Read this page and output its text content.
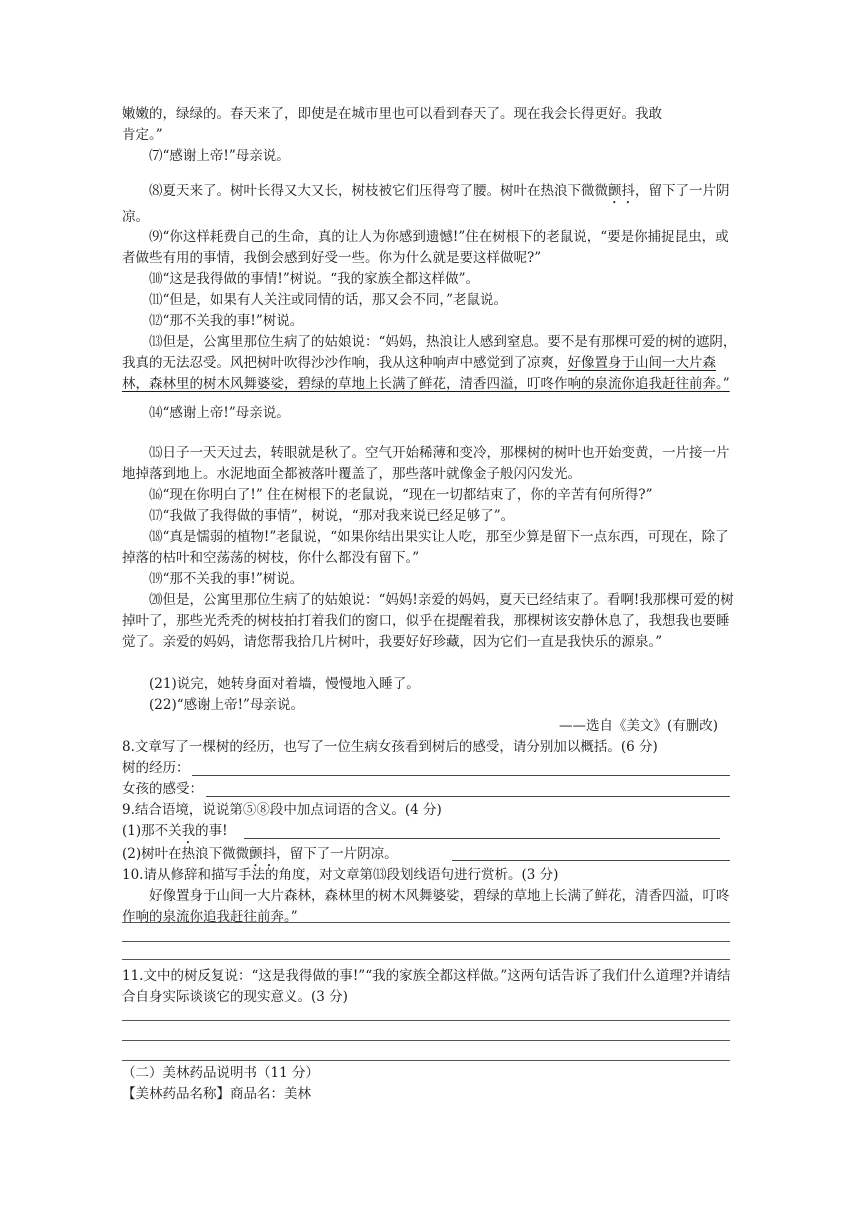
嫩嫩的，绿绿的。春天来了，即使是在城市里也可以看到春天了。现在我会长得更好。我敢

肯定。”

⑺“感谢上帝!”母亲说。

⑻夏天来了。树叶长得又大又长，树枝被它们压得弯了腰。树叶在热浪下微微颤抖，留下了一片阴凉。

⑼“你这样耗费自己的生命，真的让人为你感到遗憾!”住在树根下的老鼠说，“要是你捕捉昆虫，或者做些有用的事情，我倒会感到好受一些。你为什么就是要这样做呢?”

⑽“这是我得做的事情!”树说。“我的家族全都这样做”。

⑾“但是，如果有人关注或同情的话，那又会不同，”老鼠说。

⑿“那不关我的事!”树说。

⒀但是，公寓里那位生病了的姑娘说：“妈妈，热浪让人感到窒息。要不是有那棵可爱的树的遮阴，我真的无法忍受。风把树叶吹得沙沙作响，我从这种响声中感觉到了凉爽，好像置身于山间一大片森林，森林里的树木风舞婆娑，碧绿的草地上长满了鲜花，清香四溢，叮咚作响的泉流你追我赶往前奔。”

⒁“感谢上帝!”母亲说。

⒂日子一天天过去，转眼就是秋了。空气开始稀薄和变冷，那棵树的树叶也开始变黄，一片接一片地掉落到地上。水泥地面全都被落叶覆盖了，那些落叶就像金子般闪闪发光。

⒃“现在你明白了!” 住在树根下的老鼠说，“现在一切都结束了，你的辛苦有何所得?”

⒄“我做了我得做的事情”，树说，“那对我来说已经足够了”。

⒅“真是懦弱的植物!”老鼠说，“如果你结出果实让人吃，那至少算是留下一点东西，可现在，除了掉落的枯叶和空荡荡的树枝，你什么都没有留下。”

⒆“那不关我的事!”树说。

⒇但是，公寓里那位生病了的姑娘说：“妈妈!亲爱的妈妈，夏天已经结束了。看啊!我那棵可爱的树掉叶了，那些光秃秃的树枝拍打着我们的窗口，似乎在提醒着我，那棵树该安静休息了，我想我也要睡觉了。亲爱的妈妈，请您帮我拾几片树叶，我要好好珍藏，因为它们一直是我快乐的源泉。”

(21)说完，她转身面对着墙，慢慢地入睡了。

(22)“感谢上帝!”母亲说。

——选自《美文》(有删改)

8.文章写了一棵树的经历，也写了一位生病女孩看到树后的感受，请分别加以概括。(6 分)

树的经历：

女孩的感受：

9.结合语境，说说第⑤⑧段中加点词语的含义。(4 分)

(1)那不关我的事!

(2)树叶在热浪下微微颤抖，留下了一片阴凉。

10.请从修辞和描写手法的角度，对文章第⒀段划线语句进行赏析。(3 分)

好像置身于山间一大片森林，森林里的树木风舞婆娑，碧绿的草地上长满了鲜花，清香四溢，叮咚作响的泉流你追我赶往前奔。”

11.文中的树反复说：“这是我得做的事!”“我的家族全都这样做。”这两句话告诉了我们什么道理?并请结合自身实际谈谈它的现实意义。(3 分)

（二）美林药品说明书（11 分）

【美林药品名称】商品名：美林
